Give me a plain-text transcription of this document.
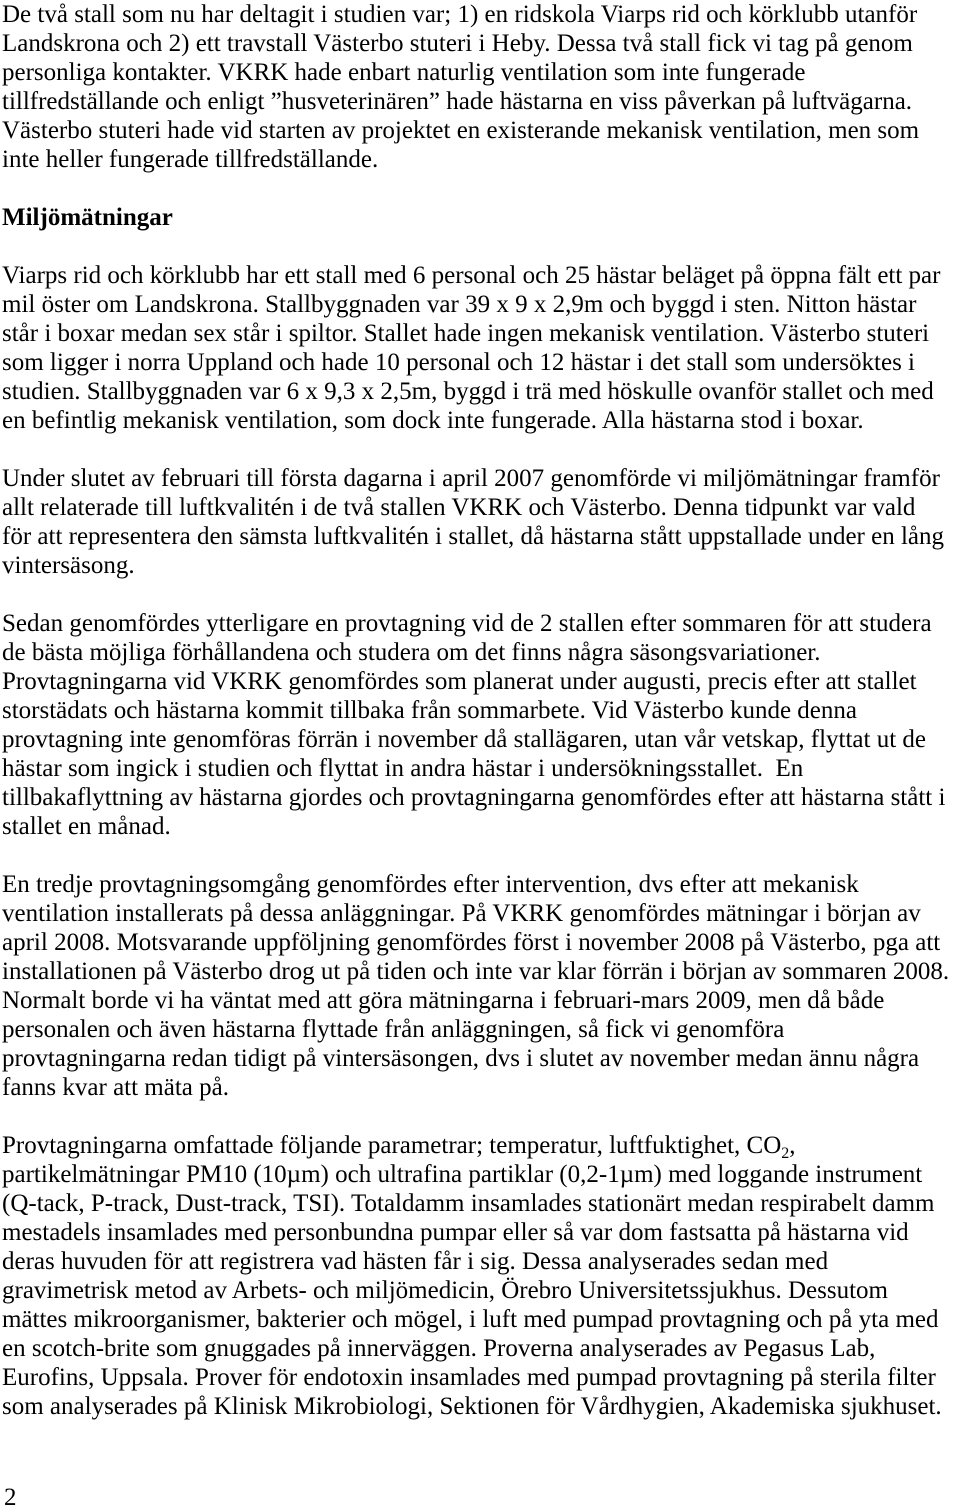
De två stall som nu har deltagit i studien var; 1) en ridskola Viarps rid och körklubb utanför
Landskrona och 2) ett travstall Västerbo stuteri i Heby. Dessa två stall fick vi tag på genom
personliga kontakter. VKRK hade enbart naturlig ventilation som inte fungerade
tillfredställande och enligt ”husveterinären” hade hästarna en viss påverkan på luftvägarna.
Västerbo stuteri hade vid starten av projektet en existerande mekanisk ventilation, men som
inte heller fungerade tillfredställande.
Miljömätningar
Viarps rid och körklubb har ett stall med 6 personal och 25 hästar beläget på öppna fält ett par
mil öster om Landskrona. Stallbyggnaden var 39 x 9 x 2,9m och byggd i sten. Nitton hästar
står i boxar medan sex står i spiltor. Stallet hade ingen mekanisk ventilation. Västerbo stuteri
som ligger i norra Uppland och hade 10 personal och 12 hästar i det stall som undersöktes i
studien. Stallbyggnaden var 6 x 9,3 x 2,5m, byggd i trä med höskulle ovanför stallet och med
en befintlig mekanisk ventilation, som dock inte fungerade. Alla hästarna stod i boxar.
Under slutet av februari till första dagarna i april 2007 genomförde vi miljömätningar framför
allt relaterade till luftkvalitén i de två stallen VKRK och Västerbo. Denna tidpunkt var vald
för att representera den sämsta luftkvalitén i stallet, då hästarna stått uppstallade under en lång
vintersäsong.
Sedan genomfördes ytterligare en provtagning vid de 2 stallen efter sommaren för att studera
de bästa möjliga förhållandena och studera om det finns några säsongsvariationer.
Provtagningarna vid VKRK genomfördes som planerat under augusti, precis efter att stallet
storstädats och hästarna kommit tillbaka från sommarbete. Vid Västerbo kunde denna
provtagning inte genomföras förrän i november då stallägaren, utan vår vetskap, flyttat ut de
hästar som ingick i studien och flyttat in andra hästar i undersökningsstallet.  En
tillbakaflyttning av hästarna gjordes och provtagningarna genomfördes efter att hästarna stått i
stallet en månad.
En tredje provtagningsomgång genomfördes efter intervention, dvs efter att mekanisk
ventilation installerats på dessa anläggningar. På VKRK genomfördes mätningar i början av
april 2008. Motsvarande uppföljning genomfördes först i november 2008 på Västerbo, pga att
installationen på Västerbo drog ut på tiden och inte var klar förrän i början av sommaren 2008.
Normalt borde vi ha väntat med att göra mätningarna i februari-mars 2009, men då både
personalen och även hästarna flyttade från anläggningen, så fick vi genomföra
provtagningarna redan tidigt på vintersäsongen, dvs i slutet av november medan ännu några
fanns kvar att mäta på.
Provtagningarna omfattade följande parametrar; temperatur, luftfuktighet, $CO_2$,
partikelmätningar PM10 (10µm) och ultrafina partiklar (0,2-1µm) med loggande instrument
(Q-tack, P-track, Dust-track, TSI). Totaldamm insamlades stationärt medan respirabelt damm
mestadels insamlades med personbundna pumpar eller så var dom fastsatta på hästarna vid
deras huvuden för att registrera vad hästen får i sig. Dessa analyserades sedan med
gravimetrisk metod av Arbets- och miljömedicin, Örebro Universitetssjukhus. Dessutom
mättes mikroorganismer, bakterier och mögel, i luft med pumpad provtagning och på yta med
en scotch-brite som gnuggades på innerväggen. Proverna analyserades av Pegasus Lab,
Eurofins, Uppsala. Prover för endotoxin insamlades med pumpad provtagning på sterila filter
som analyserades på Klinisk Mikrobiologi, Sektionen för Vårdhygien, Akademiska sjukhuset.
2
